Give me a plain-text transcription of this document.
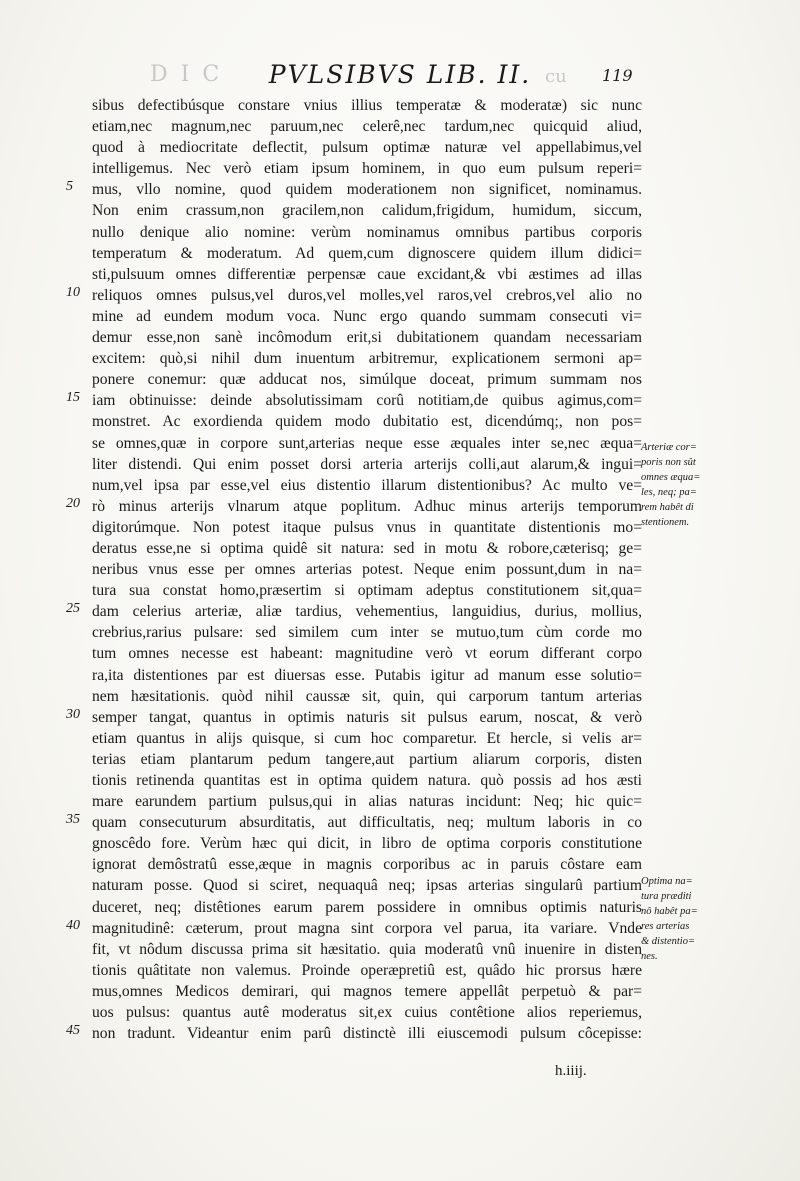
D I C	PVLSIBVS LIB. II. cu 119
5
10
15
20
25
30
35
40
45
sibus defectibúsque constare vnius illius temperatæ & moderatæ) sic nunc
etiam,nec magnum,nec paruum,nec celerê,nec tardum,nec quicquid aliud,
quod à mediocritate deflectit, pulsum optimæ naturæ vel appellabimus,vel
intelligemus. Nec verò etiam ipsum hominem, in quo eum pulsum reperi=
mus, vllo nomine, quod quidem moderationem non significet, nominamus.
Non enim crassum,non gracilem,non calidum,frigidum, humidum, siccum,
nullo denique alio nomine: verùm nominamus omnibus partibus corporis
temperatum & moderatum. Ad quem,cum dignoscere quidem illum didici=
sti,pulsuum omnes differentiæ perpensæ caue excidant,& vbi æstimes ad illas
reliquos omnes pulsus,vel duros,vel molles,vel raros,vel crebros,vel alio no
mine ad eundem modum voca. Nunc ergo quando summam consecuti vi=
demur esse,non sanè incômodum erit,si dubitationem quandam necessariam
excitem: quò,si nihil dum inuentum arbitremur, explicationem sermoni ap=
ponere conemur: quæ adducat nos, simúlque doceat, primum summam nos
iam obtinuisse: deinde absolutissimam corû notitiam,de quibus agimus,com=
monstret. Ac exordienda quidem modo dubitatio est, dicendúmq;, non pos=
se omnes,quæ in corpore sunt,arterias neque esse æquales inter se,nec æqua=
liter distendi. Qui enim posset dorsi arteria arterijs colli,aut alarum,& ingui=
num,vel ipsa par esse,vel eius distentio illarum distentionibus? Ac multo ve=
rò minus arterijs vlnarum atque poplitum. Adhuc minus arterijs temporum
digitorúmque. Non potest itaque pulsus vnus in quantitate distentionis mo=
deratus esse,ne si optima quidê sit natura: sed in motu & robore,cæterisq; ge=
neribus vnus esse per omnes arterias potest. Neque enim possunt,dum in na=
tura sua constat homo,præsertim si optimam adeptus constitutionem sit,qua=
dam celerius arteriæ, aliæ tardius, vehementius, languidius, durius, mollius,
crebrius,rarius pulsare: sed similem cum inter se mutuo,tum cùm corde mo
tum omnes necesse est habeant: magnitudine verò vt eorum differant corpo
ra,ita distentiones par est diuersas esse. Putabis igitur ad manum esse solutio=
nem hæsitationis. quòd nihil caussæ sit, quin, qui carporum tantum arterias
semper tangat, quantus in optimis naturis sit pulsus earum, noscat, & verò
etiam quantus in alijs quisque, si cum hoc comparetur. Et hercle, si velis ar=
terias etiam plantarum pedum tangere,aut partium aliarum corporis, disten
tionis retinenda quantitas est in optima quidem natura. quò possis ad hos æsti
mare earundem partium pulsus,qui in alias naturas incidunt: Neq; hic quic=
quam consecuturum absurditatis, aut difficultatis, neq; multum laboris in co
gnoscêdo fore. Verùm hæc qui dicit, in libro de optima corporis constitutione
ignorat demôstratû esse,æque in magnis corporibus ac in paruis côstare eam
naturam posse. Quod si sciret, nequaquâ neq; ipsas arterias singularû partium
duceret, neq; distêtiones earum parem possidere in omnibus optimis naturis
magnitudinê: cæterum, prout magna sint corpora vel parua, ita variare. Vnde
fit, vt nôdum discussa prima sit hæsitatio. quia moderatû vnû inuenire in disten
tionis quâtitate non valemus. Proinde operæpretiû est, quâdo hic prorsus hære
mus,omnes Medicos demirari, qui magnos temere appellât perpetuò & par=
uos pulsus: quantus autê moderatus sit,ex cuius contêtione alios reperiemus,
non tradunt. Videantur enim parû distinctè illi eiuscemodi pulsum côcepisse:
Arteriæ cor=
poris non sût
omnes æqua=
les, neq; pa=
rem habêt di
stentionem.
Optima na=
tura præditi
nô habêt pa=
res arterias
& distentio=
nes.
h.iiij.
